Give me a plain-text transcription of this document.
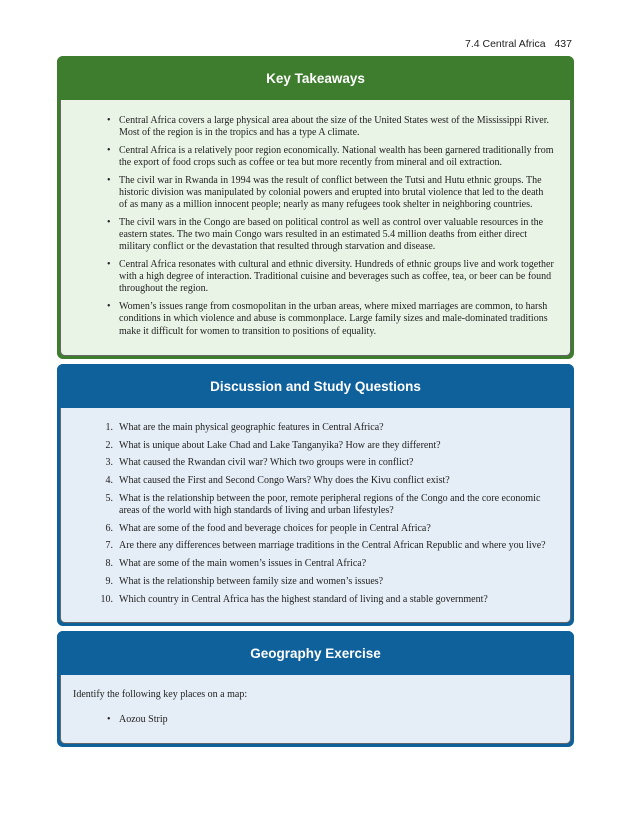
7.4 Central Africa 437
Key Takeaways
• Central Africa covers a large physical area about the size of the United States west of the Mississippi River. Most of the region is in the tropics and has a type A climate.
• Central Africa is a relatively poor region economically. National wealth has been garnered traditionally from the export of food crops such as coffee or tea but more recently from mineral and oil extraction.
• The civil war in Rwanda in 1994 was the result of conflict between the Tutsi and Hutu ethnic groups. The historic division was manipulated by colonial powers and erupted into brutal violence that led to the death of as many as a million innocent people; nearly as many refugees took shelter in neighboring countries.
• The civil wars in the Congo are based on political control as well as control over valuable resources in the eastern states. The two main Congo wars resulted in an estimated 5.4 million deaths from either direct military conflict or the devastation that resulted through starvation and disease.
• Central Africa resonates with cultural and ethnic diversity. Hundreds of ethnic groups live and work together with a high degree of interaction. Traditional cuisine and beverages such as coffee, tea, or beer can be found throughout the region.
• Women’s issues range from cosmopolitan in the urban areas, where mixed marriages are common, to harsh conditions in which violence and abuse is commonplace. Large family sizes and male-dominated traditions make it difficult for women to transition to positions of equality.
Discussion and Study Questions
1. What are the main physical geographic features in Central Africa?
2. What is unique about Lake Chad and Lake Tanganyika? How are they different?
3. What caused the Rwandan civil war? Which two groups were in conflict?
4. What caused the First and Second Congo Wars? Why does the Kivu conflict exist?
5. What is the relationship between the poor, remote peripheral regions of the Congo and the core economic areas of the world with high standards of living and urban lifestyles?
6. What are some of the food and beverage choices for people in Central Africa?
7. Are there any differences between marriage traditions in the Central African Republic and where you live?
8. What are some of the main women’s issues in Central Africa?
9. What is the relationship between family size and women’s issues?
10. Which country in Central Africa has the highest standard of living and a stable government?
Geography Exercise

Identify the following key places on a map:

• Aozou Strip
